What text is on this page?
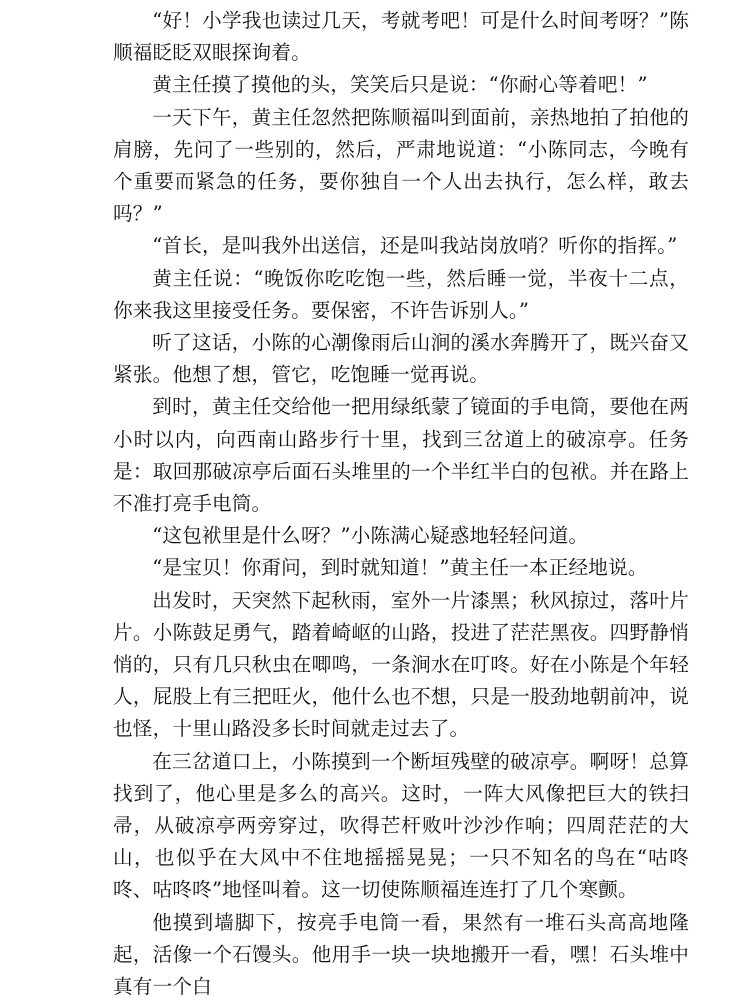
“好！小学我也读过几天，考就考吧！可是什么时间考呀？”陈顺福眨眨双眼探询着。

黄主任摸了摸他的头，笑笑后只是说：“你耐心等着吧！”

一天下午，黄主任忽然把陈顺福叫到面前，亲热地拍了拍他的肩膀，先问了一些别的，然后，严肃地说道：“小陈同志，今晚有个重要而紧急的任务，要你独自一个人出去执行，怎么样，敢去吗？”

“首长，是叫我外出送信，还是叫我站岗放哨？听你的指挥。”

黄主任说：“晚饭你吃吃饱一些，然后睡一觉，半夜十二点，你来我这里接受任务。要保密，不许告诉别人。”

听了这话，小陈的心潮像雨后山涧的溪水奔腾开了，既兴奋又紧张。他想了想，管它，吃饱睡一觉再说。

到时，黄主任交给他一把用绿纸蒙了镜面的手电筒，要他在两小时以内，向西南山路步行十里，找到三岔道上的破凉亭。任务是：取回那破凉亭后面石头堆里的一个半红半白的包袱。并在路上不准打亮手电筒。

“这包袱里是什么呀？”小陈满心疑惑地轻轻问道。

“是宝贝！你甭问，到时就知道！”黄主任一本正经地说。

出发时，天突然下起秋雨，室外一片漆黑；秋风掠过，落叶片片。小陈鼓足勇气，踏着崎岖的山路，投进了茫茫黑夜。四野静悄悄的，只有几只秋虫在唧鸣，一条涧水在叮咚。好在小陈是个年轻人，屁股上有三把旺火，他什么也不想，只是一股劲地朝前冲，说也怪，十里山路没多长时间就走过去了。

在三岔道口上，小陈摸到一个断垣残壁的破凉亭。啊呀！总算找到了，他心里是多么的高兴。这时，一阵大风像把巨大的铁扫帚，从破凉亭两旁穿过，吹得芒杆败叶沙沙作响；四周茫茫的大山，也似乎在大风中不住地摇摇晃晃；一只不知名的鸟在“咕咚咚、咕咚咚”地怪叫着。这一切使陈顺福连连打了几个寒颤。

他摸到墙脚下，按亮手电筒一看，果然有一堆石头高高地隆起，活像一个石馒头。他用手一块一块地搬开一看，嘿！石头堆中真有一个白
